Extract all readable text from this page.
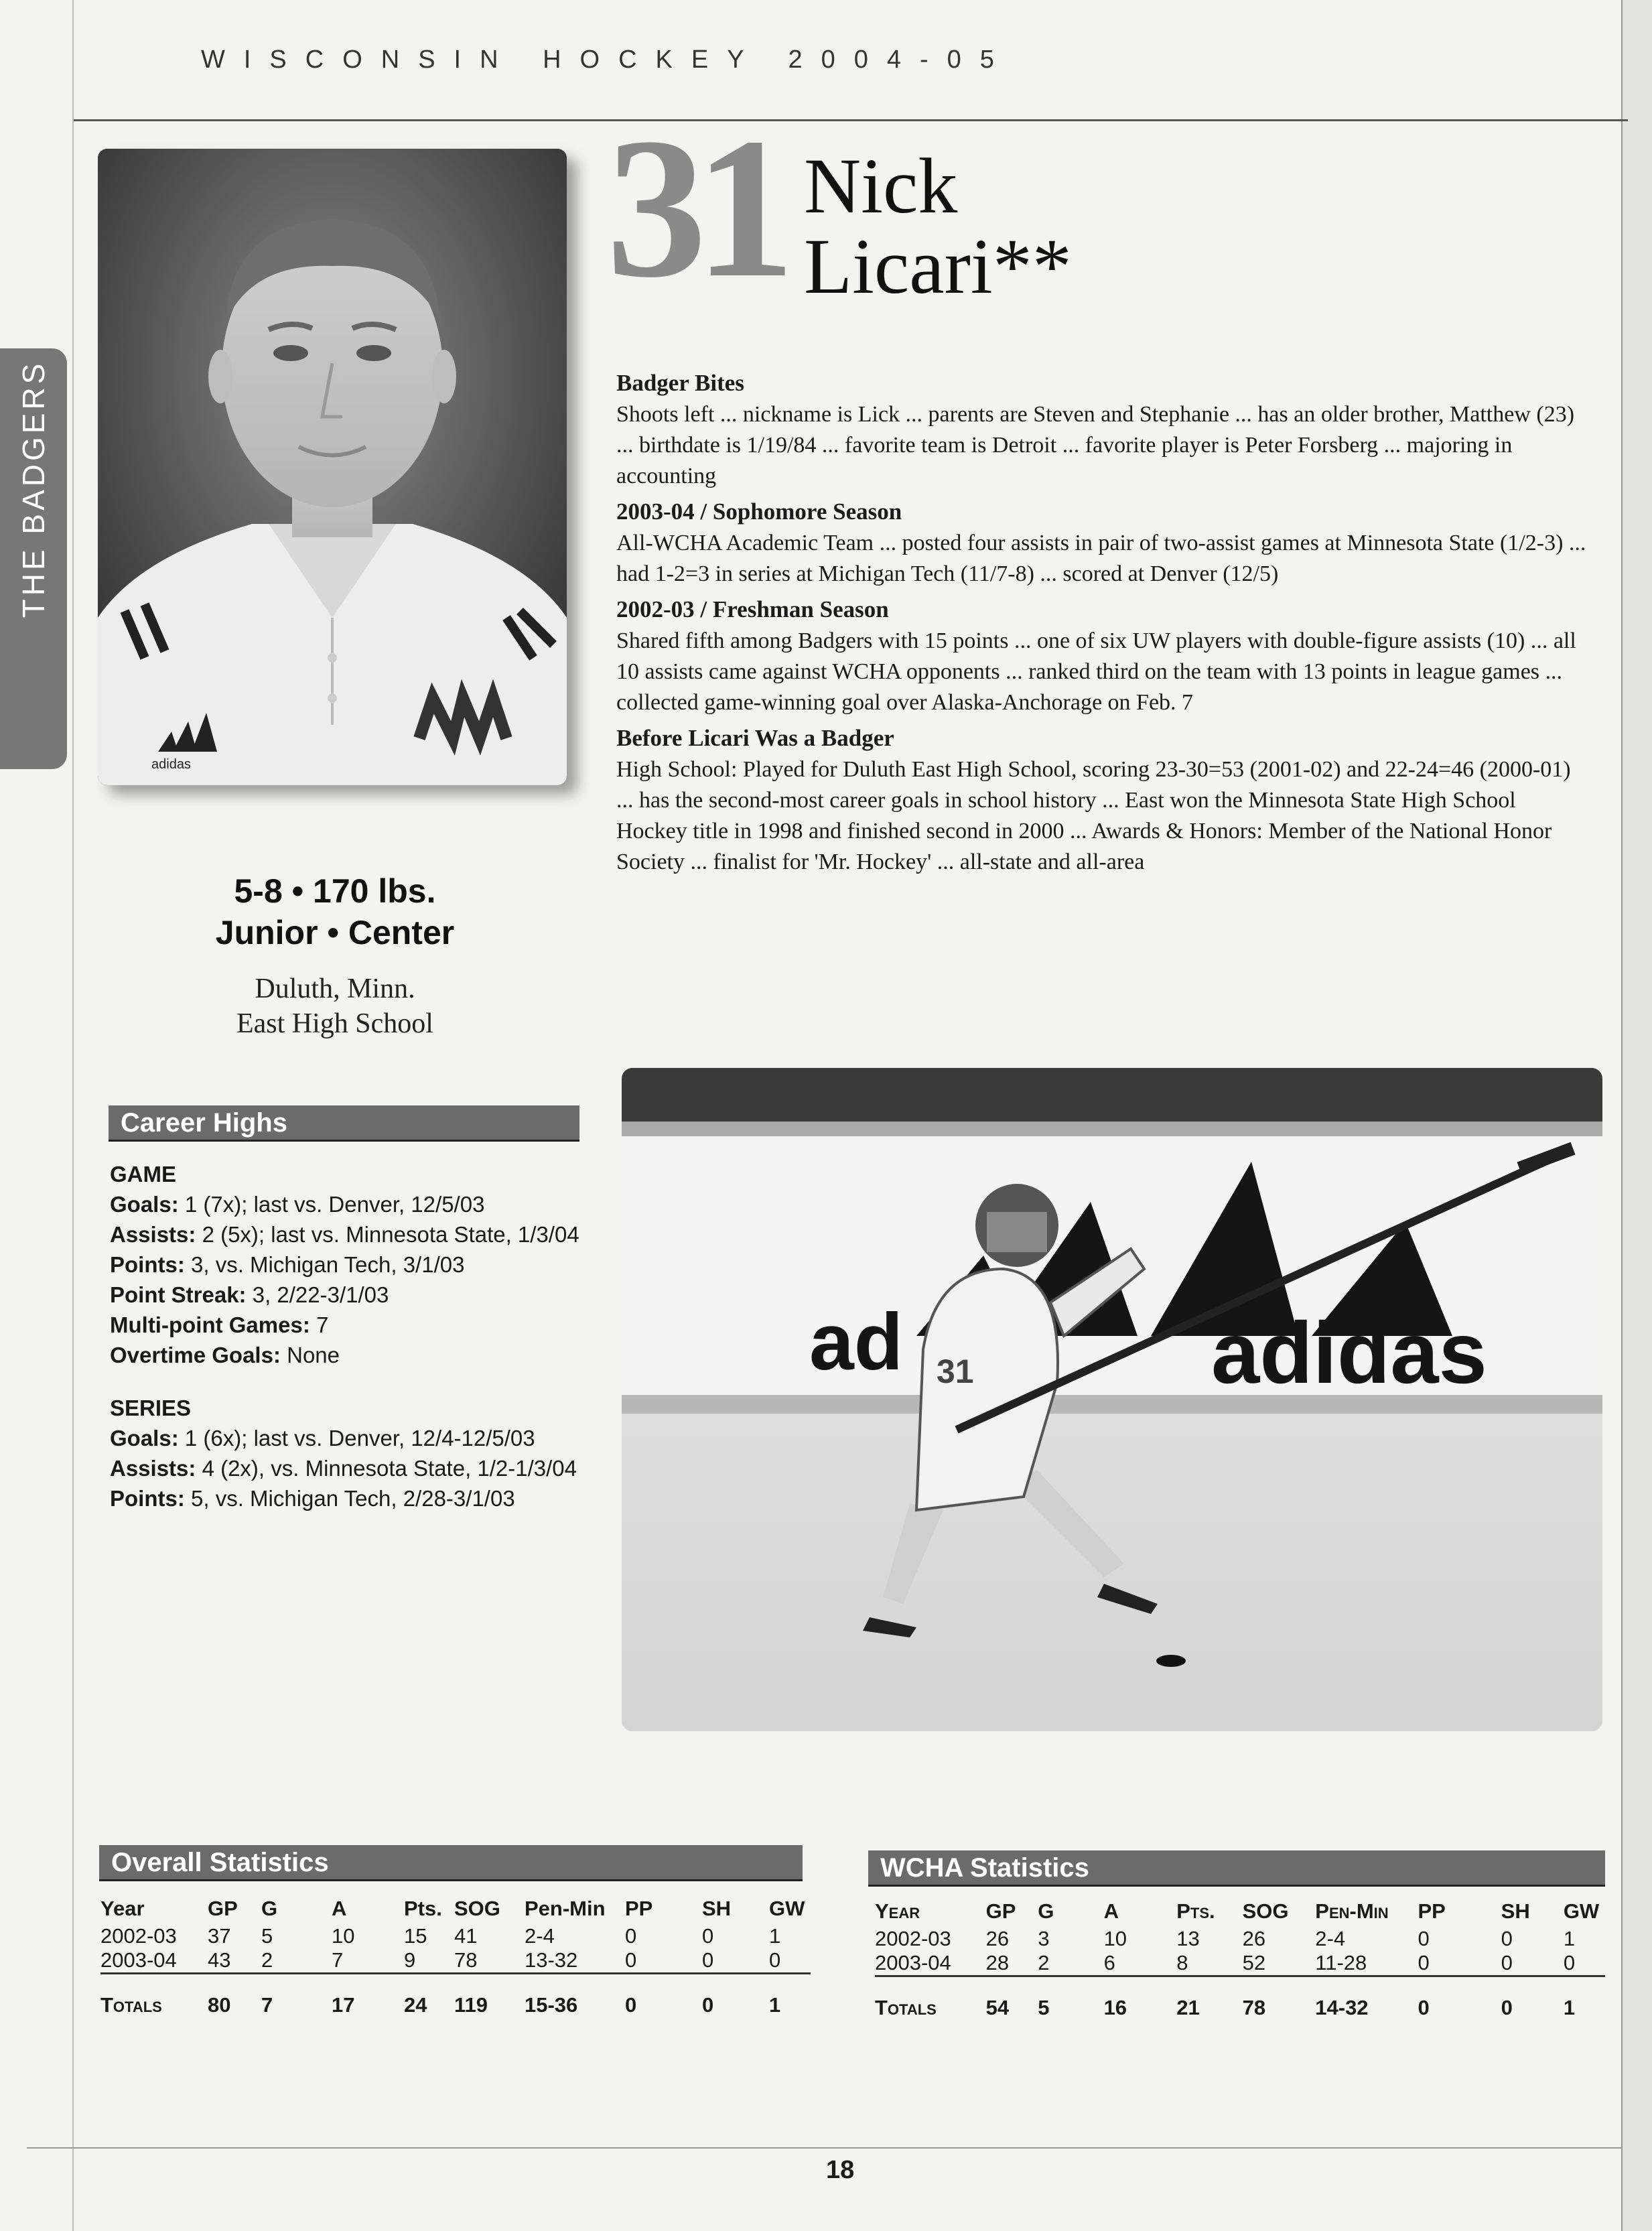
WISCONSIN HOCKEY 2004-05
THE BADGERS
adidas
31 Nick
Licari**
Badger Bites

Shoots left ... nickname is Lick ... parents are Steven and Stephanie ... has an older brother, Matthew (23) ... birthdate is 1/19/84 ... favorite team is Detroit ... favorite player is Peter Forsberg ... majoring in accounting

2003-04 / Sophomore Season

All-WCHA Academic Team ... posted four assists in pair of two-assist games at Minnesota State (1/2-3) ... had 1-2=3 in series at Michigan Tech (11/7-8) ... scored at Denver (12/5)

2002-03 / Freshman Season

Shared fifth among Badgers with 15 points ... one of six UW players with double-figure assists (10) ... all 10 assists came against WCHA opponents ... ranked third on the team with 13 points in league games ... collected game-winning goal over Alaska-Anchorage on Feb. 7

Before Licari Was a Badger

High School: Played for Duluth East High School, scoring 23-30=53 (2001-02) and 22-24=46 (2000-01) ... has the second-most career goals in school history ... East won the Minnesota State High School Hockey title in 1998 and finished second in 2000 ... Awards & Honors: Member of the National Honor Society ... finalist for 'Mr. Hockey' ... all-state and all-area

5-8 • 170 lbs.
Junior • Center
Duluth, Minn.
East High School
Career Highs
GAME
Goals: 1 (7x); last vs. Denver, 12/5/03
Assists: 2 (5x); last vs. Minnesota State, 1/3/04
Points: 3, vs. Michigan Tech, 3/1/03
Point Streak: 3, 2/22-3/1/03
Multi-point Games: 7
Overtime Goals: None
SERIES
Goals: 1 (6x); last vs. Denver, 12/4-12/5/03
Assists: 4 (2x), vs. Minnesota State, 1/2-1/3/04
Points: 5, vs. Michigan Tech, 2/28-3/1/03
ad	adidas
31
Overall Statistics
Year	GP	G	A	Pts.	SOG	Pen-Min	PP	SH	GW
2002-03	37	5	10	15	41	2-4	0	0	1
2003-04	43	2	7	9	78	13-32	0	0	0
Totals	80	7	17	24	119	15-36	0	0	1
WCHA Statistics
Year	GP	G	A	Pts.	SOG	Pen-Min	PP	SH	GW
2002-03	26	3	10	13	26	2-4	0	0	1
2003-04	28	2	6	8	52	11-28	0	0	0
Totals	54	5	16	21	78	14-32	0	0	1
18
